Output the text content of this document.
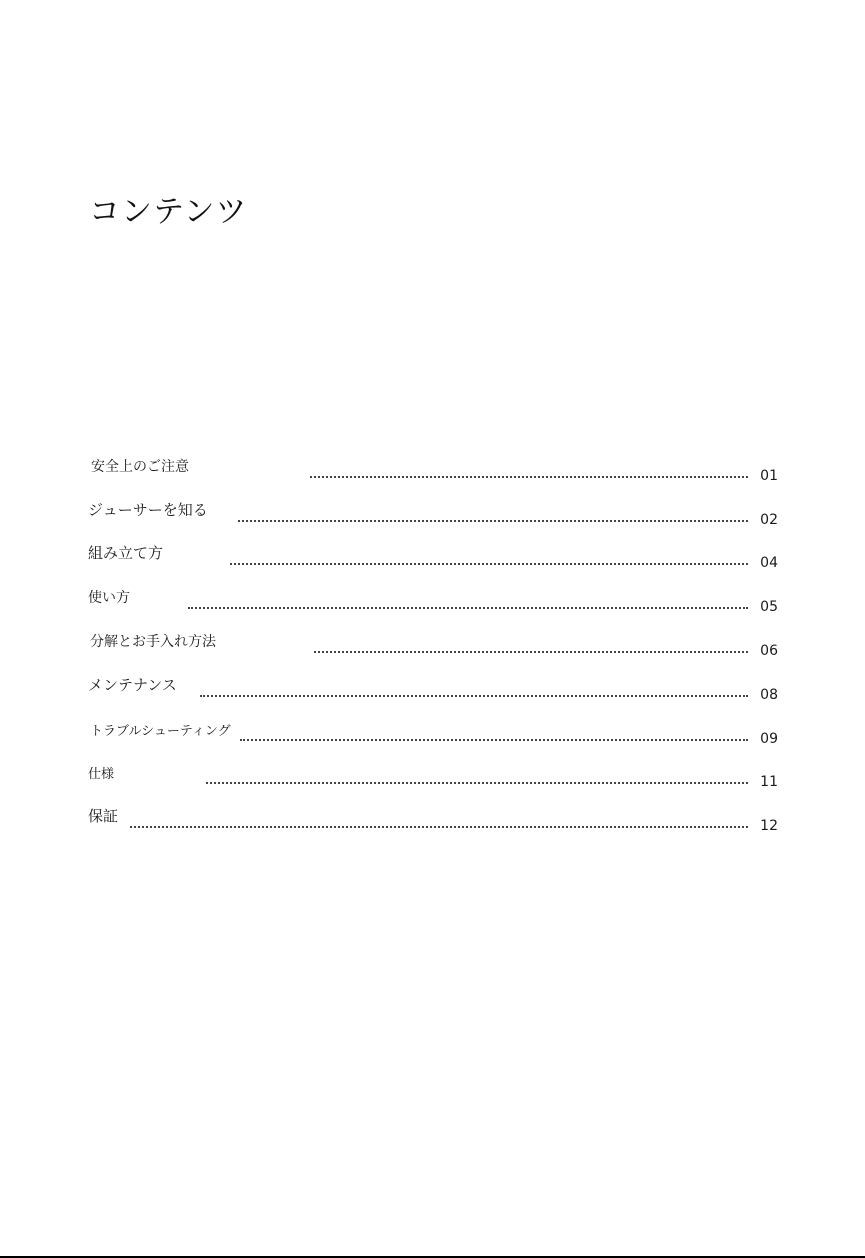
コンテンツ
安全上のご注意
01
ジューサーを知る
02
組み立て方
04
使い方
05
分解とお手入れ方法
06
メンテナンス
08
トラブルシューティング	09
仕様	11
保証
12
